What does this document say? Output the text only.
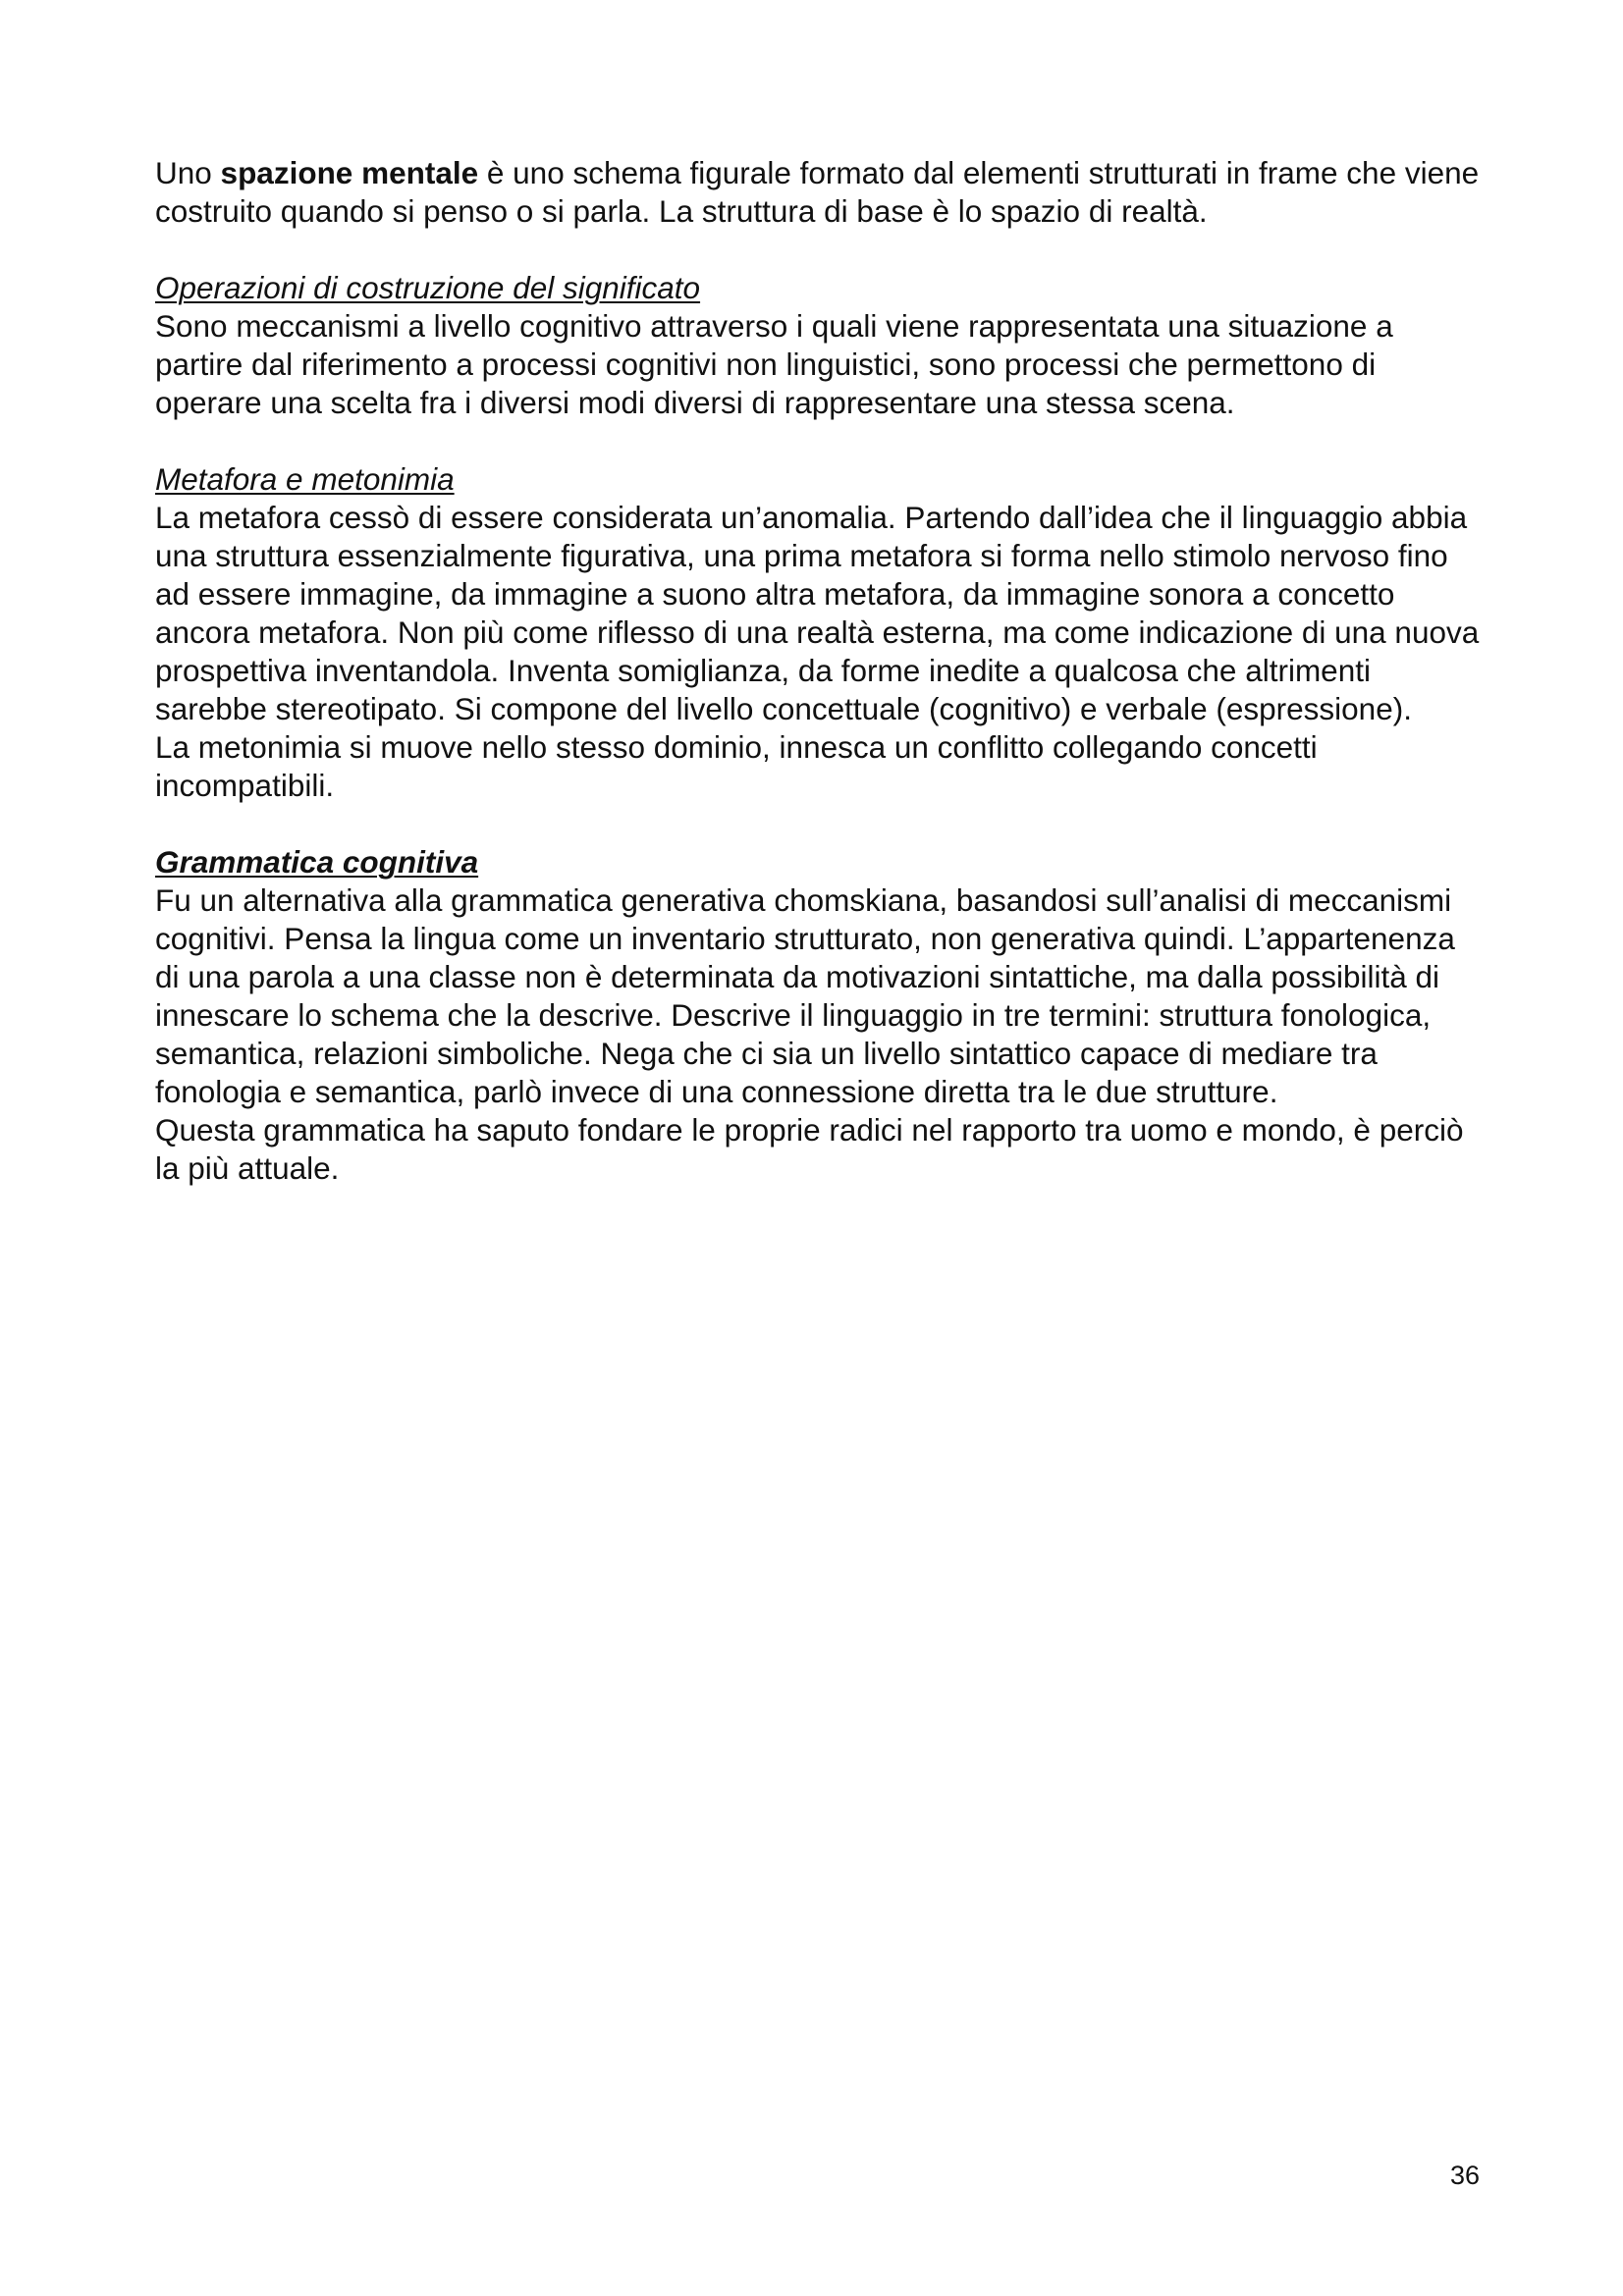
Uno spazione mentale è uno schema figurale formato dal elementi strutturati in frame che viene costruito quando si penso o si parla. La struttura di base è lo spazio di realtà.

Operazioni di costruzione del significato

Sono meccanismi a livello cognitivo attraverso i quali viene rappresentata una situazione a partire dal riferimento a processi cognitivi non linguistici, sono processi che permettono di operare una scelta fra i diversi modi diversi di rappresentare una stessa scena.

Metafora e metonimia

La metafora cessò di essere considerata un’anomalia. Partendo dall’idea che il linguaggio abbia una struttura essenzialmente figurativa, una prima metafora si forma nello stimolo nervoso fino ad essere immagine, da immagine a suono altra metafora, da immagine sonora a concetto ancora metafora. Non più come riflesso di una realtà esterna, ma come indicazione di una nuova prospettiva inventandola. Inventa somiglianza, da forme inedite a qualcosa che altrimenti sarebbe stereotipato. Si compone del livello concettuale (cognitivo) e verbale (espressione).

La metonimia si muove nello stesso dominio, innesca un conflitto collegando concetti incompatibili.

Grammatica cognitiva

Fu un alternativa alla grammatica generativa chomskiana, basandosi sull’analisi di meccanismi cognitivi. Pensa la lingua come un inventario strutturato, non generativa quindi. L’appartenenza di una parola a una classe non è determinata da motivazioni sintattiche, ma dalla possibilità di innescare lo schema che la descrive. Descrive il linguaggio in tre termini: struttura fonologica, semantica, relazioni simboliche. Nega che ci sia un livello sintattico capace di mediare tra fonologia e semantica, parlò invece di una connessione diretta tra le due strutture.

Questa grammatica ha saputo fondare le proprie radici nel rapporto tra uomo e mondo, è perciò la più attuale.

36
